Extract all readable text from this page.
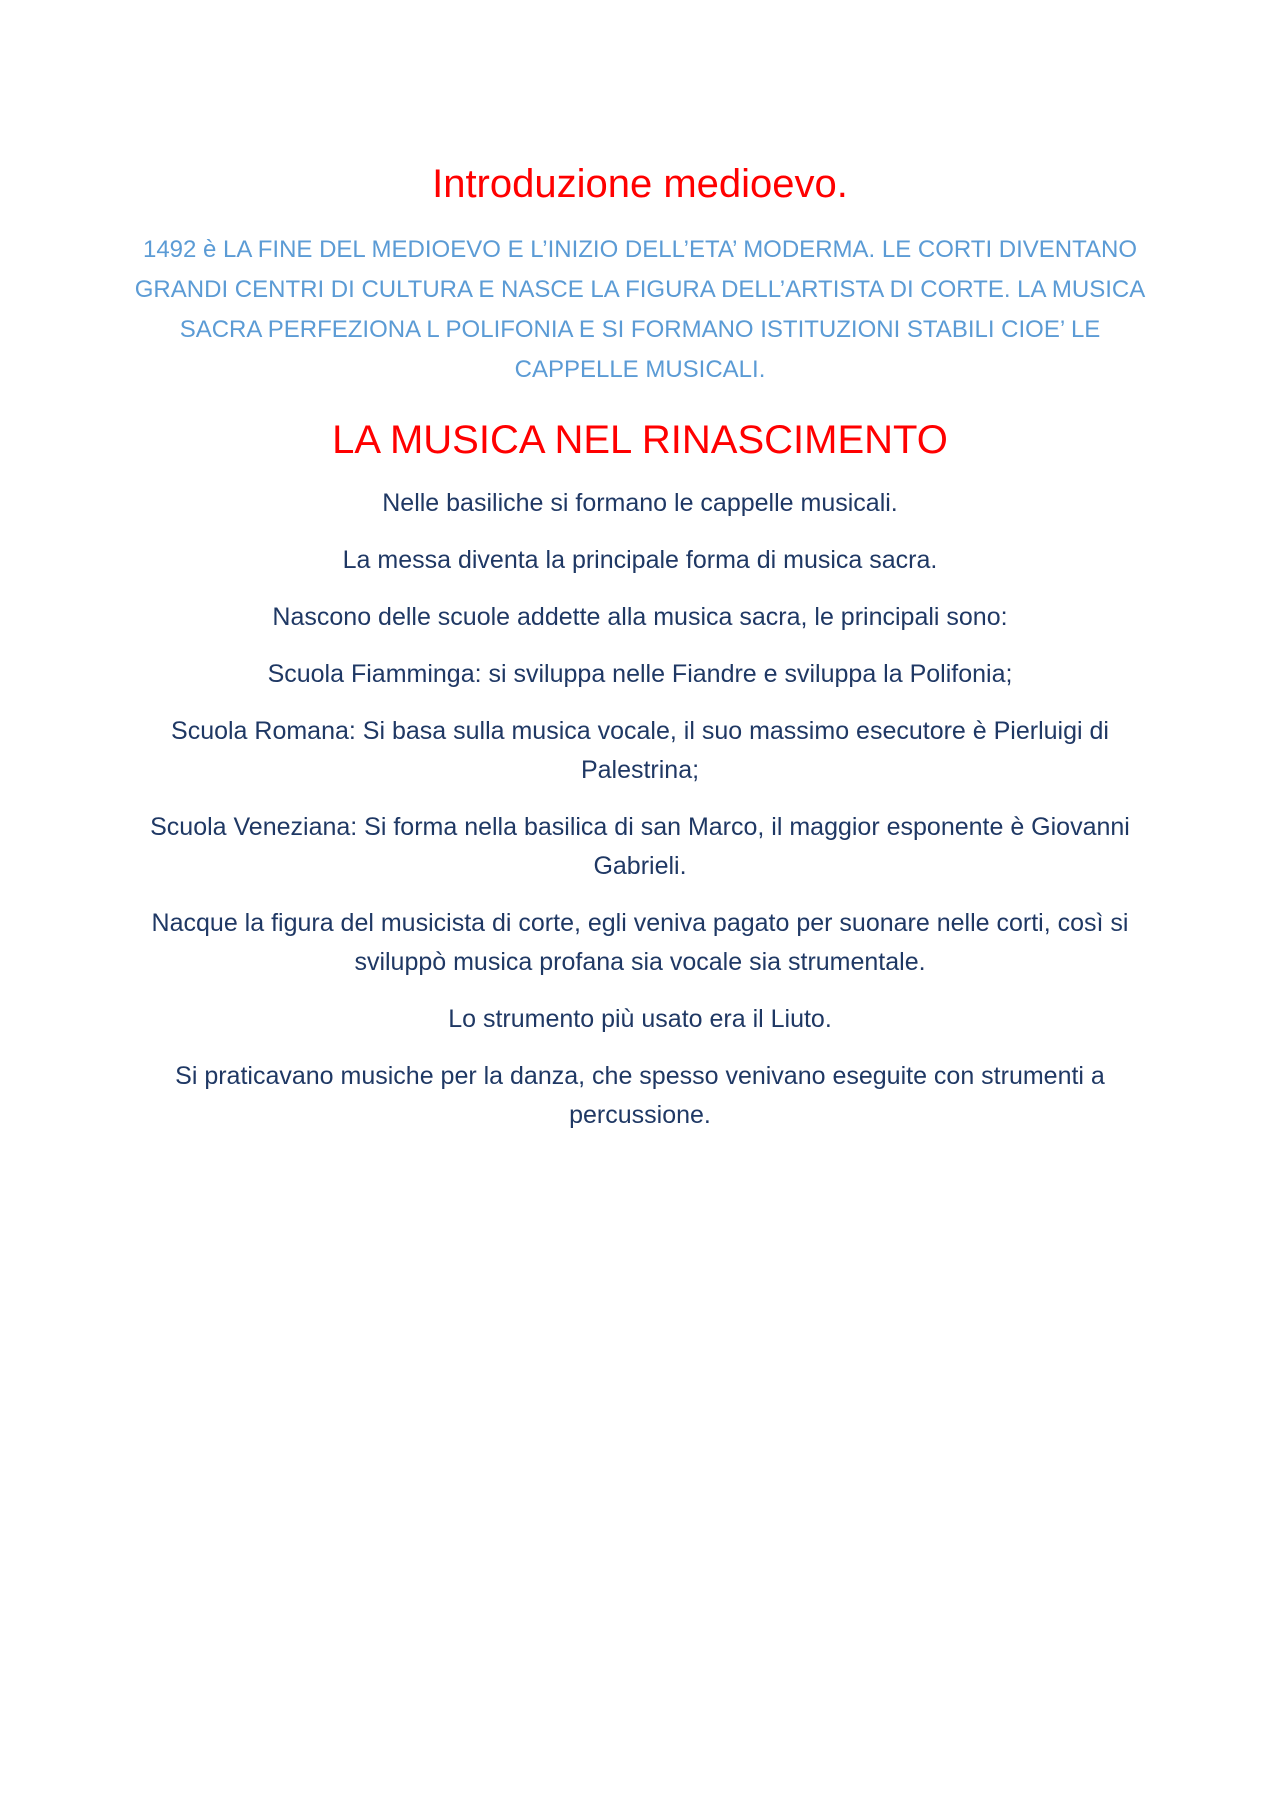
Introduzione medioevo.

1492 è LA FINE DEL MEDIOEVO E L’INIZIO DELL’ETA’ MODERMA. LE CORTI DIVENTANO GRANDI CENTRI DI CULTURA E NASCE LA FIGURA DELL’ARTISTA DI CORTE. LA MUSICA SACRA PERFEZIONA L POLIFONIA E SI FORMANO ISTITUZIONI STABILI CIOE’ LE CAPPELLE MUSICALI.

LA MUSICA NEL RINASCIMENTO

Nelle basiliche si formano le cappelle musicali.

La messa diventa la principale forma di musica sacra.

Nascono delle scuole addette alla musica sacra, le principali sono:

Scuola Fiamminga: si sviluppa nelle Fiandre e sviluppa la Polifonia;

Scuola Romana: Si basa sulla musica vocale, il suo massimo esecutore è Pierluigi di Palestrina;

Scuola Veneziana: Si forma nella basilica di san Marco, il maggior esponente è Giovanni Gabrieli.

Nacque la figura del musicista di corte, egli veniva pagato per suonare nelle corti, così si sviluppò musica profana sia vocale sia strumentale.

Lo strumento più usato era il Liuto.

Si praticavano musiche per la danza, che spesso venivano eseguite con strumenti a percussione.
